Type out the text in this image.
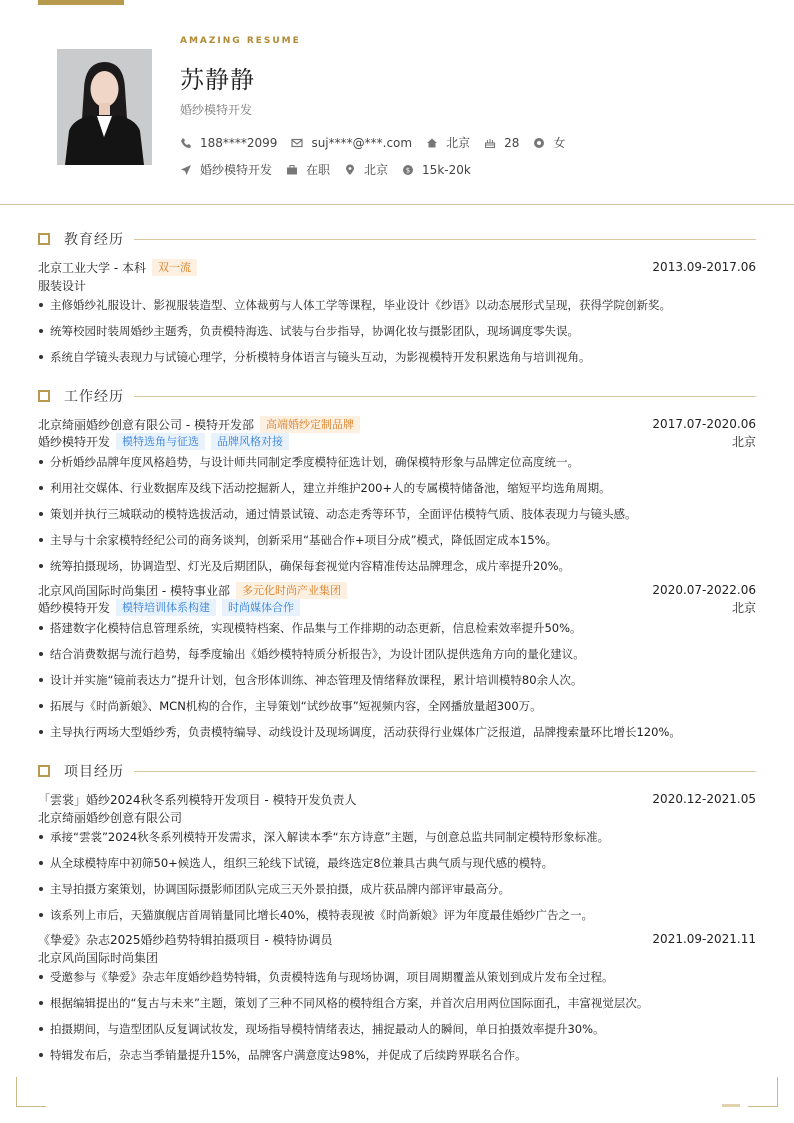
AMAZING RESUME
苏静静
婚纱模特开发
188****2099	suj****@***.com	北京	28	女
婚纱模特开发	在职	北京	$ 15k-20k
教育经历
北京工业大学 - 本科	双一流	2013.09-2017.06
服装设计
主修婚纱礼服设计、影视服装造型、立体裁剪与人体工学等课程，毕业设计《纱语》以动态展形式呈现，获得学院创新奖。
统筹校园时装周婚纱主题秀，负责模特海选、试装与台步指导，协调化妆与摄影团队，现场调度零失误。
系统自学镜头表现力与试镜心理学，分析模特身体语言与镜头互动，为影视模特开发积累选角与培训视角。
工作经历
北京绮丽婚纱创意有限公司 - 模特开发部	高端婚纱定制品牌	2017.07-2020.06
婚纱模特开发	模特选角与征选	品牌风格对接	北京
分析婚纱品牌年度风格趋势，与设计师共同制定季度模特征选计划，确保模特形象与品牌定位高度统一。
利用社交媒体、行业数据库及线下活动挖掘新人，建立并维护200+人的专属模特储备池，缩短平均选角周期。
策划并执行三城联动的模特选拔活动，通过情景试镜、动态走秀等环节，全面评估模特气质、肢体表现力与镜头感。
主导与十余家模特经纪公司的商务谈判，创新采用“基础合作+项目分成”模式，降低固定成本15%。
统筹拍摄现场，协调造型、灯光及后期团队，确保每套视觉内容精准传达品牌理念，成片率提升20%。
北京风尚国际时尚集团 - 模特事业部	多元化时尚产业集团	2020.07-2022.06
婚纱模特开发	模特培训体系构建	时尚媒体合作	北京
搭建数字化模特信息管理系统，实现模特档案、作品集与工作排期的动态更新，信息检索效率提升50%。
结合消费数据与流行趋势，每季度输出《婚纱模特特质分析报告》，为设计团队提供选角方向的量化建议。
设计并实施“镜前表达力”提升计划，包含形体训练、神态管理及情绪释放课程，累计培训模特80余人次。
拓展与《时尚新娘》、MCN机构的合作，主导策划“试纱故事”短视频内容，全网播放量超300万。
主导执行两场大型婚纱秀，负责模特编导、动线设计及现场调度，活动获得行业媒体广泛报道，品牌搜索量环比增长120%。
项目经历
「雲裳」婚纱2024秋冬系列模特开发项目 - 模特开发负责人	2020.12-2021.05
北京绮丽婚纱创意有限公司
承接“雲裳”2024秋冬系列模特开发需求，深入解读本季“东方诗意”主题，与创意总监共同制定模特形象标准。
从全球模特库中初筛50+候选人，组织三轮线下试镜，最终选定8位兼具古典气质与现代感的模特。
主导拍摄方案策划，协调国际摄影师团队完成三天外景拍摄，成片获品牌内部评审最高分。
该系列上市后，天猫旗舰店首周销量同比增长40%，模特表现被《时尚新娘》评为年度最佳婚纱广告之一。
《挚爱》杂志2025婚纱趋势特辑拍摄项目 - 模特协调员	2021.09-2021.11
北京风尚国际时尚集团
受邀参与《挚爱》杂志年度婚纱趋势特辑，负责模特选角与现场协调，项目周期覆盖从策划到成片发布全过程。
根据编辑提出的“复古与未来”主题，策划了三种不同风格的模特组合方案，并首次启用两位国际面孔，丰富视觉层次。
拍摄期间，与造型团队反复调试妆发，现场指导模特情绪表达，捕捉最动人的瞬间，单日拍摄效率提升30%。
特辑发布后，杂志当季销量提升15%，品牌客户满意度达98%，并促成了后续跨界联名合作。
